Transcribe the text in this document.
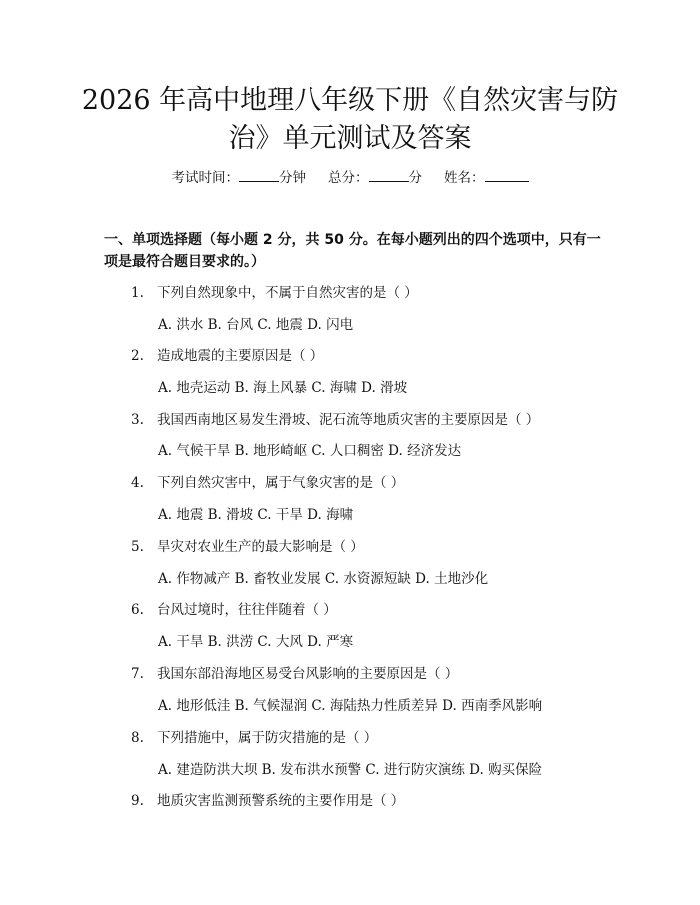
2026 年高中地理八年级下册《自然灾害与防
治》单元测试及答案
考试时间：	分钟 总分：	分 姓名：

一、单项选择题（每小题 2 分，共 50 分。在每小题列出的四个选项中，只有一项是最符合题目要求的。）

1. 下列自然现象中，不属于自然灾害的是（ ）
A. 洪水 B. 台风 C. 地震 D. 闪电
2. 造成地震的主要原因是（ ）
A. 地壳运动 B. 海上风暴 C. 海啸 D. 滑坡
3. 我国西南地区易发生滑坡、泥石流等地质灾害的主要原因是（ ）
A. 气候干旱 B. 地形崎岖 C. 人口稠密 D. 经济发达
4. 下列自然灾害中，属于气象灾害的是（ ）
A. 地震 B. 滑坡 C. 干旱 D. 海啸
5. 旱灾对农业生产的最大影响是（ ）
A. 作物减产 B. 畜牧业发展 C. 水资源短缺 D. 土地沙化
6. 台风过境时，往往伴随着（ ）
A. 干旱 B. 洪涝 C. 大风 D. 严寒
7. 我国东部沿海地区易受台风影响的主要原因是（ ）
A. 地形低洼 B. 气候湿润 C. 海陆热力性质差异 D. 西南季风影响
8. 下列措施中，属于防灾措施的是（ ）
A. 建造防洪大坝 B. 发布洪水预警 C. 进行防灾演练 D. 购买保险
9. 地质灾害监测预警系统的主要作用是（ ）
